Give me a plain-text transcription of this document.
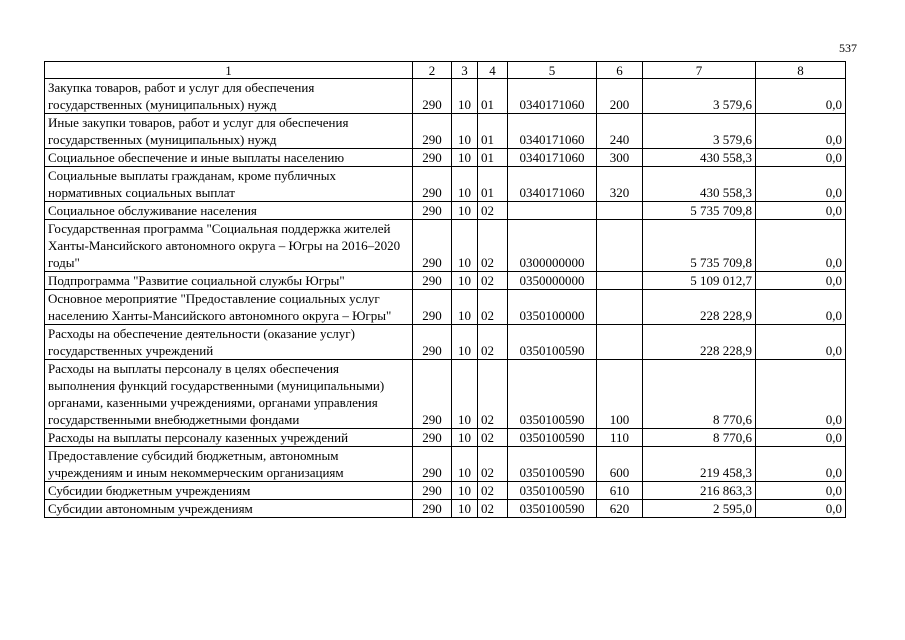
537
1	2	3	4	5	6	7	8
Закупка товаров, работ и услуг для обеспечения государственных (муниципальных) нужд	290	10	01	0340171060	200	3 579,6	0,0
Иные закупки товаров, работ и услуг для обеспечения государственных (муниципальных) нужд	290	10	01	0340171060	240	3 579,6	0,0
Социальное обеспечение и иные выплаты населению	290	10	01	0340171060	300	430 558,3	0,0
Социальные выплаты гражданам, кроме публичных нормативных социальных выплат	290	10	01	0340171060	320	430 558,3	0,0
Социальное обслуживание населения	290	10	02			5 735 709,8	0,0
Государственная программа "Социальная поддержка жителей Ханты-Мансийского автономного округа – Югры на 2016–2020 годы"	290	10	02	0300000000		5 735 709,8	0,0
Подпрограмма "Развитие социальной службы Югры"	290	10	02	0350000000		5 109 012,7	0,0
Основное мероприятие "Предоставление социальных услуг населению Ханты-Мансийского автономного округа – Югры"	290	10	02	0350100000		228 228,9	0,0
Расходы на обеспечение деятельности (оказание услуг) государственных учреждений	290	10	02	0350100590		228 228,9	0,0
Расходы на выплаты персоналу в целях обеспечения выполнения функций государственными (муниципальными) органами, казенными учреждениями, органами управления государственными внебюджетными фондами	290	10	02	0350100590	100	8 770,6	0,0
Расходы на выплаты персоналу казенных учреждений	290	10	02	0350100590	110	8 770,6	0,0
Предоставление субсидий бюджетным, автономным учреждениям и иным некоммерческим организациям	290	10	02	0350100590	600	219 458,3	0,0
Субсидии бюджетным учреждениям	290	10	02	0350100590	610	216 863,3	0,0
Субсидии автономным учреждениям	290	10	02	0350100590	620	2 595,0	0,0
